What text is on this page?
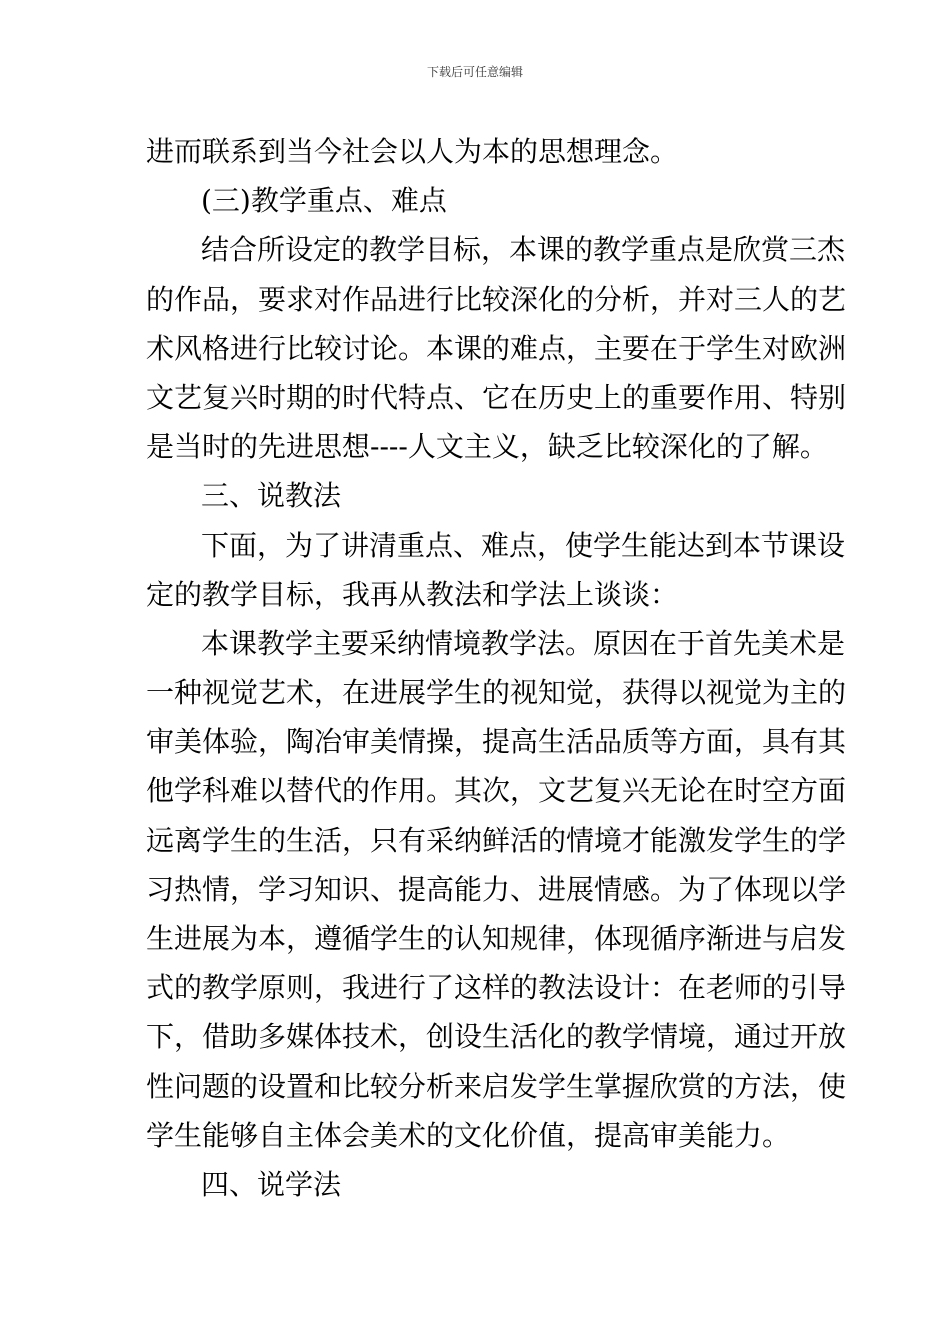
下载后可任意编辑
进而联系到当今社会以人为本的思想理念。
(三)教学重点、难点
结合所设定的教学目标，本课的教学重点是欣赏三杰
的作品，要求对作品进行比较深化的分析，并对三人的艺
术风格进行比较讨论。本课的难点，主要在于学生对欧洲
文艺复兴时期的时代特点、它在历史上的重要作用、特别
是当时的先进思想----人文主义，缺乏比较深化的了解。
三、说教法
下面，为了讲清重点、难点，使学生能达到本节课设
定的教学目标，我再从教法和学法上谈谈：
本课教学主要采纳情境教学法。原因在于首先美术是
一种视觉艺术，在进展学生的视知觉，获得以视觉为主的
审美体验，陶冶审美情操，提高生活品质等方面，具有其
他学科难以替代的作用。其次，文艺复兴无论在时空方面
远离学生的生活，只有采纳鲜活的情境才能激发学生的学
习热情，学习知识、提高能力、进展情感。为了体现以学
生进展为本，遵循学生的认知规律，体现循序渐进与启发
式的教学原则，我进行了这样的教法设计：在老师的引导
下，借助多媒体技术，创设生活化的教学情境，通过开放
性问题的设置和比较分析来启发学生掌握欣赏的方法，使
学生能够自主体会美术的文化价值，提高审美能力。
四、说学法
